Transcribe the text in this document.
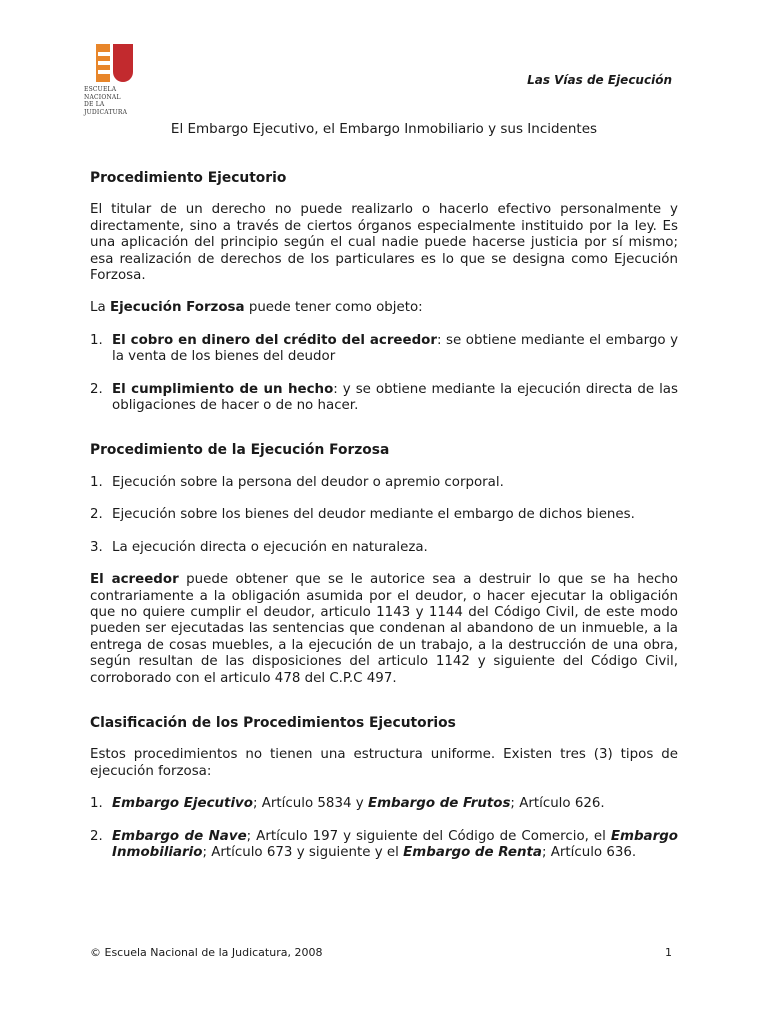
ESCUELA NACIONAL
DE LA JUDICATURA
Las Vías de Ejecución
El Embargo Ejecutivo, el Embargo Inmobiliario y sus Incidentes
Procedimiento Ejecutorio

El titular de un derecho no puede realizarlo o hacerlo efectivo personalmente y directamente, sino a través de ciertos órganos especialmente instituido por la ley. Es una aplicación del principio según el cual nadie puede hacerse justicia por sí mismo; esa realización de derechos de los particulares es lo que se designa como Ejecución Forzosa.

La Ejecución Forzosa puede tener como objeto:

1. El cobro en dinero del crédito del acreedor: se obtiene mediante el embargo y la venta de los bienes del deudor
2. El cumplimiento de un hecho: y se obtiene mediante la ejecución directa de las obligaciones de hacer o de no hacer.
Procedimiento de la Ejecución Forzosa
1. Ejecución sobre la persona del deudor o apremio corporal.
2. Ejecución sobre los bienes del deudor mediante el embargo de dichos bienes.
3. La ejecución directa o ejecución en naturaleza.

El acreedor puede obtener que se le autorice sea a destruir lo que se ha hecho contrariamente a la obligación asumida por el deudor, o hacer ejecutar la obligación que no quiere cumplir el deudor, articulo 1143 y 1144 del Código Civil, de este modo pueden ser ejecutadas las sentencias que condenan al abandono de un inmueble, a la entrega de cosas muebles, a la ejecución de un trabajo, a la destrucción de una obra, según resultan de las disposiciones del articulo 1142 y siguiente del Código Civil, corroborado con el articulo 478 del C.P.C 497.

Clasificación de los Procedimientos Ejecutorios

Estos procedimientos no tienen una estructura uniforme. Existen tres (3) tipos de ejecución forzosa:

1. Embargo Ejecutivo; Artículo 5834 y Embargo de Frutos; Artículo 626.
2. Embargo de Nave; Artículo 197 y siguiente del Código de Comercio, el Embargo Inmobiliario; Artículo 673 y siguiente y el Embargo de Renta; Artículo 636.
© Escuela Nacional de la Judicatura, 2008	1
